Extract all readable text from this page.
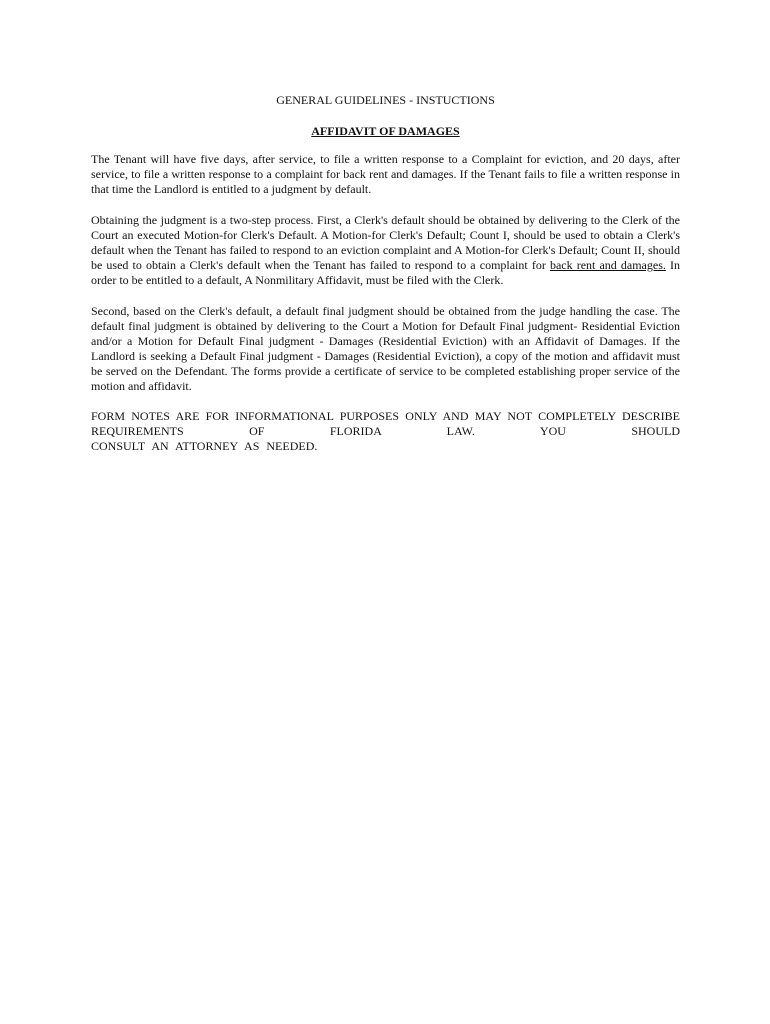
GENERAL GUIDELINES - INSTUCTIONS

AFFIDAVIT OF DAMAGES

The Tenant will have five days, after service, to file a written response to a Complaint for eviction, and 20 days, after service, to file a written response to a complaint for back rent and damages. If the Tenant fails to file a written response in that time the Landlord is entitled to a judgment by default.

Obtaining the judgment is a two-step process. First, a Clerk's default should be obtained by delivering to the Clerk of the Court an executed Motion-for Clerk's Default. A Motion-for Clerk's Default; Count I, should be used to obtain a Clerk's default when the Tenant has failed to respond to an eviction complaint and A Motion-for Clerk's Default; Count II, should be used to obtain a Clerk's default when the Tenant has failed to respond to a complaint for back rent and damages. In order to be entitled to a default, A Nonmilitary Affidavit, must be filed with the Clerk.

Second, based on the Clerk's default, a default final judgment should be obtained from the judge handling the case. The default final judgment is obtained by delivering to the Court a Motion for Default Final judgment- Residential Eviction and/or a Motion for Default Final judgment - Damages (Residential Eviction) with an Affidavit of Damages. If the Landlord is seeking a Default Final judgment - Damages (Residential Eviction), a copy of the motion and affidavit must be served on the Defendant. The forms provide a certificate of service to be completed establishing proper service of the motion and affidavit.

FORM NOTES ARE FOR INFORMATIONAL PURPOSES ONLY AND MAY NOT COMPLETELY DESCRIBE REQUIREMENTS OF FLORIDA LAW. YOU SHOULD

CONSULT AN ATTORNEY AS NEEDED.
